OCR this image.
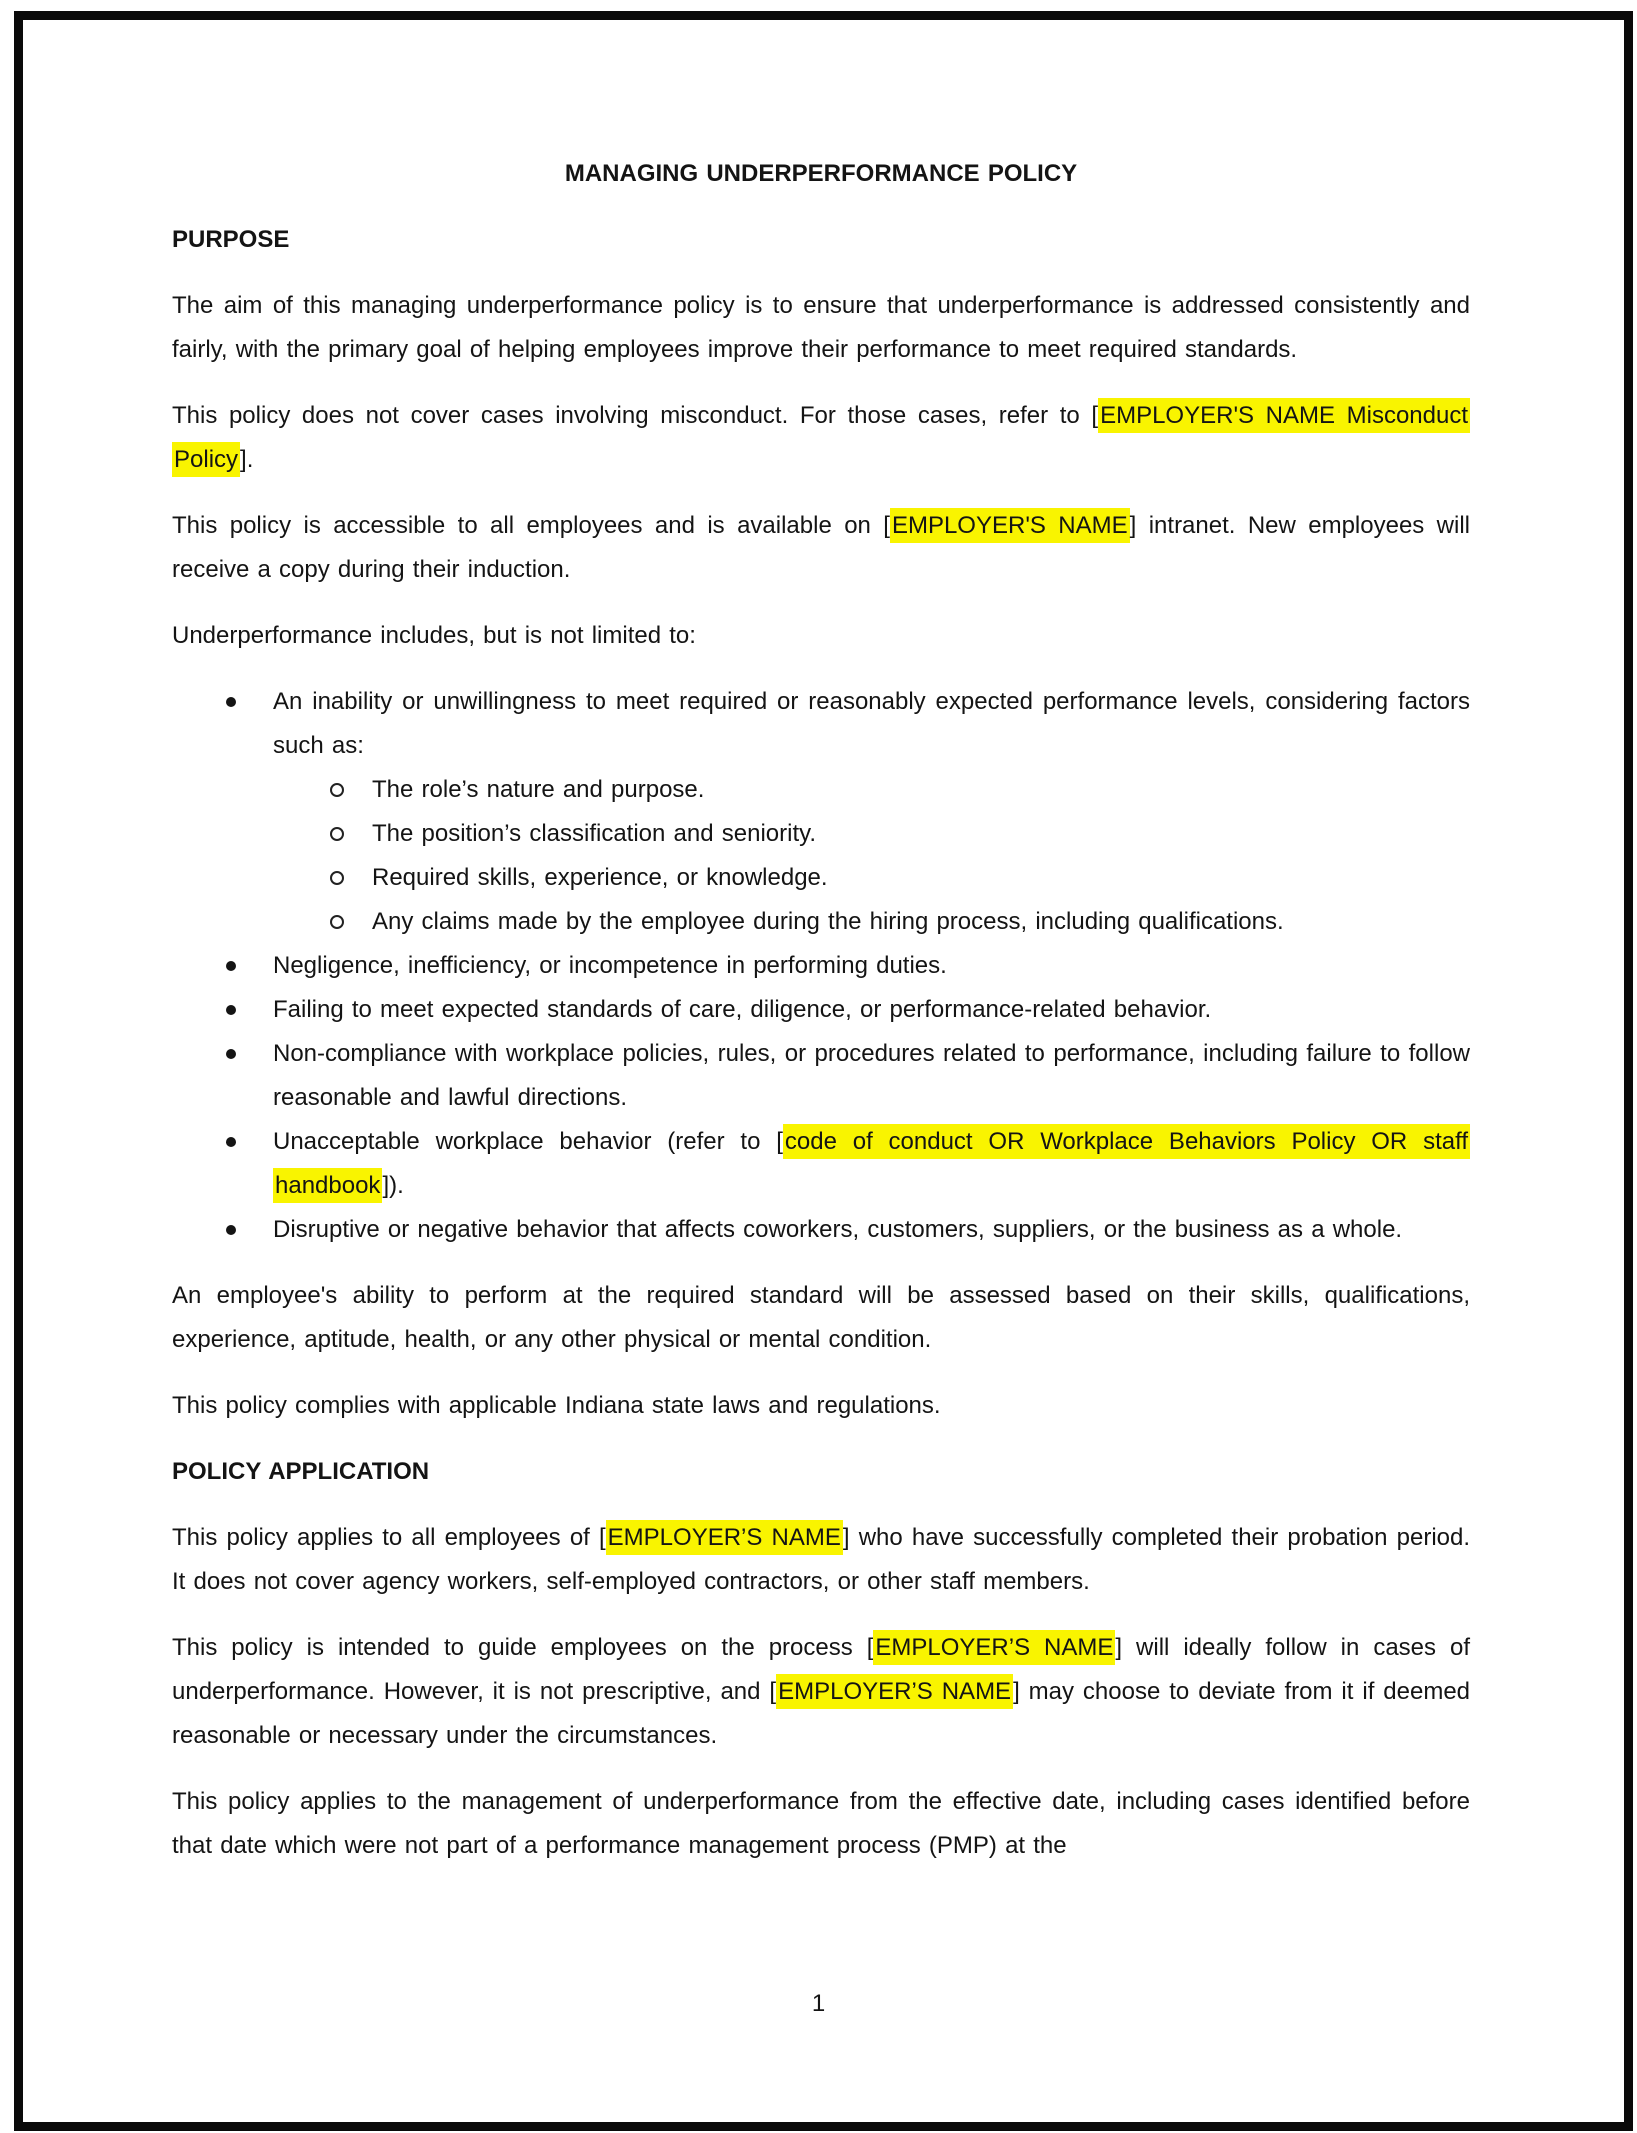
MANAGING UNDERPERFORMANCE POLICY

PURPOSE

The aim of this managing underperformance policy is to ensure that underperformance is addressed consistently and fairly, with the primary goal of helping employees improve their performance to meet required standards.

This policy does not cover cases involving misconduct. For those cases, refer to [EMPLOYER'S NAME Misconduct Policy].

This policy is accessible to all employees and is available on [EMPLOYER'S NAME] intranet. New employees will receive a copy during their induction.

Underperformance includes, but is not limited to:

An inability or unwillingness to meet required or reasonably expected performance levels, considering factors such as:
The role’s nature and purpose.
The position’s classification and seniority.
Required skills, experience, or knowledge.
Any claims made by the employee during the hiring process, including qualifications.
Negligence, inefficiency, or incompetence in performing duties.
Failing to meet expected standards of care, diligence, or performance-related behavior.
Non-compliance with workplace policies, rules, or procedures related to performance, including failure to follow reasonable and lawful directions.
Unacceptable workplace behavior (refer to [code of conduct OR Workplace Behaviors Policy OR staff handbook]).
Disruptive or negative behavior that affects coworkers, customers, suppliers, or the business as a whole.

An employee's ability to perform at the required standard will be assessed based on their skills, qualifications, experience, aptitude, health, or any other physical or mental condition.

This policy complies with applicable Indiana state laws and regulations.

POLICY APPLICATION

This policy applies to all employees of [EMPLOYER’S NAME] who have successfully completed their probation period. It does not cover agency workers, self-employed contractors, or other staff members.

This policy is intended to guide employees on the process [EMPLOYER’S NAME] will ideally follow in cases of underperformance. However, it is not prescriptive, and [EMPLOYER’S NAME] may choose to deviate from it if deemed reasonable or necessary under the circumstances.

This policy applies to the management of underperformance from the effective date, including cases identified before that date which were not part of a performance management process (PMP) at the

1
